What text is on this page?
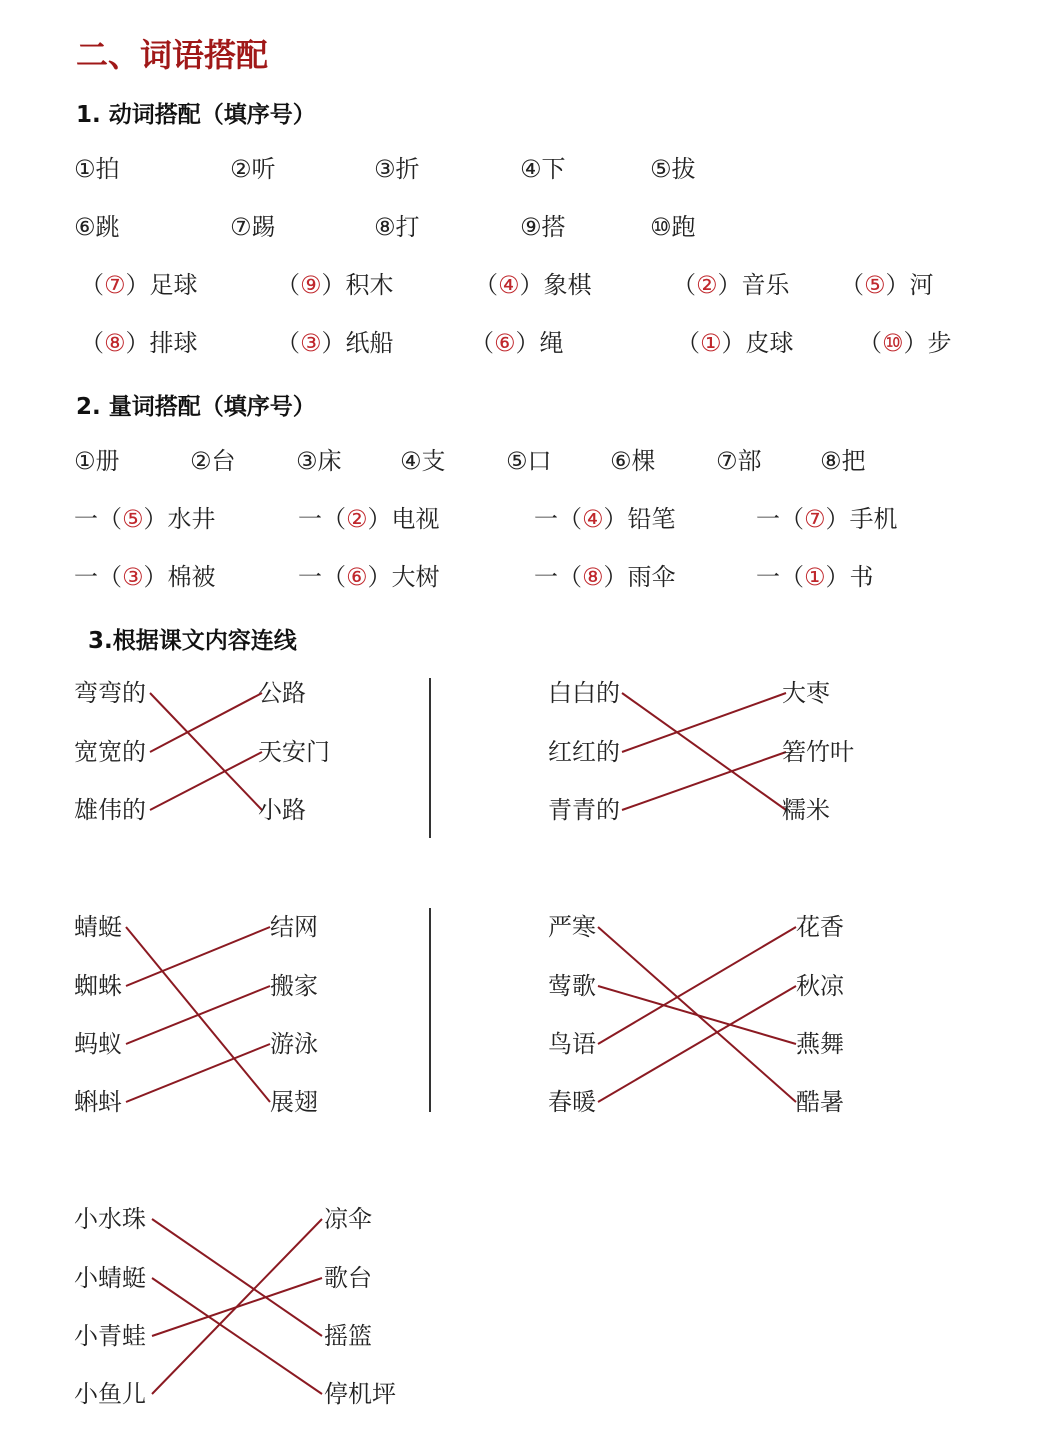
二、词语搭配
1. 动词搭配（填序号）
①拍	②听	③折	④下	⑤拔
⑥跳	⑦踢	⑧打	⑨搭	⑩跑
（⑦）足球	（⑨）积木	（④）象棋	（②）音乐 （⑤）河
（⑧）排球	（③）纸船	（⑥）绳	（①）皮球	（⑩）步
2. 量词搭配（填序号）
①册	②台	③床 ④支	⑤口 ⑥棵	⑦部 ⑧把
一（⑤）水井	一（②）电视	一（④）铅笔	一（⑦）手机
一（③）棉被	一（⑥）大树	一（⑧）雨伞	一（①）书
3.根据课文内容连线
弯弯的
宽宽的
雄伟的
公路
天安门
小路
白白的
红红的
青青的
大枣
箬竹叶
糯米
蜻蜓
蜘蛛
蚂蚁
蝌蚪
结网
搬家
游泳
展翅
严寒
莺歌
鸟语
春暖
花香
秋凉
燕舞
酷暑
小水珠
小蜻蜓
小青蛙
小鱼儿
凉伞
歌台
摇篮
停机坪
